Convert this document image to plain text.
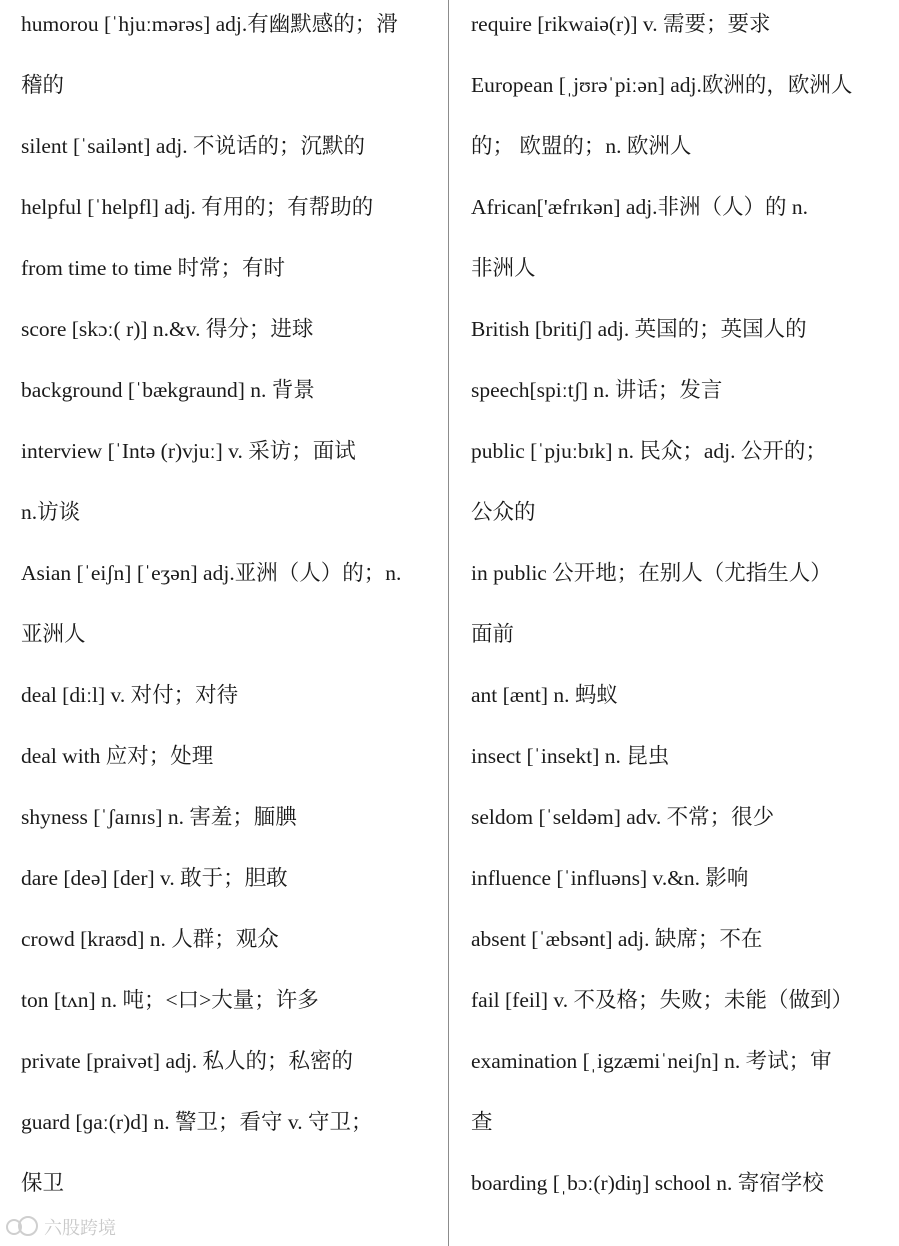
humorou [ˈhjuːmərəs] adj.有幽默感的；滑
稽的
silent [ˈsailənt] adj. 不说话的；沉默的
helpful [ˈhelpfl] adj. 有用的；有帮助的
from time to time 时常；有时
score [skɔː( r)] n.&v. 得分；进球
background [ˈbækgraund] n. 背景
interview [ˈIntə (r)vjuː] v. 采访；面试
n.访谈
Asian [ˈeiʃn] [ˈeʒən] adj.亚洲（人）的；n.
亚洲人
deal [diːl] v. 对付；对待
deal with 应对；处理
shyness [ˈʃaɪnɪs] n. 害羞；腼腆
dare [deə] [der] v. 敢于；胆敢
crowd [kraʊd] n. 人群；观众
ton [tʌn] n. 吨；<口>大量；许多
private [praivət] adj. 私人的；私密的
guard [ɡaː(r)d] n. 警卫；看守 v. 守卫；
保卫
require [rikwaiə(r)] v. 需要；要求
European [ˌjʊrəˈpiːən] adj.欧洲的，欧洲人
的； 欧盟的；n. 欧洲人
African['æfrɪkən] adj.非洲（人）的 n.
非洲人
British [britiʃ] adj. 英国的；英国人的
speech[spiːtʃ] n. 讲话；发言
public [ˈpjuːbɪk] n. 民众；adj. 公开的；
公众的
in public 公开地；在别人（尤指生人）
面前
ant [ænt] n. 蚂蚁
insect [ˈinsekt] n. 昆虫
seldom [ˈseldəm] adv. 不常；很少
influence [ˈinfluəns] v.&n. 影响
absent [ˈæbsənt] adj. 缺席；不在
fail [feil] v. 不及格；失败；未能（做到）
examination [ˌigzæmiˈneiʃn] n. 考试；审
查
boarding [ˌbɔː(r)diŋ] school n. 寄宿学校
六股跨境
